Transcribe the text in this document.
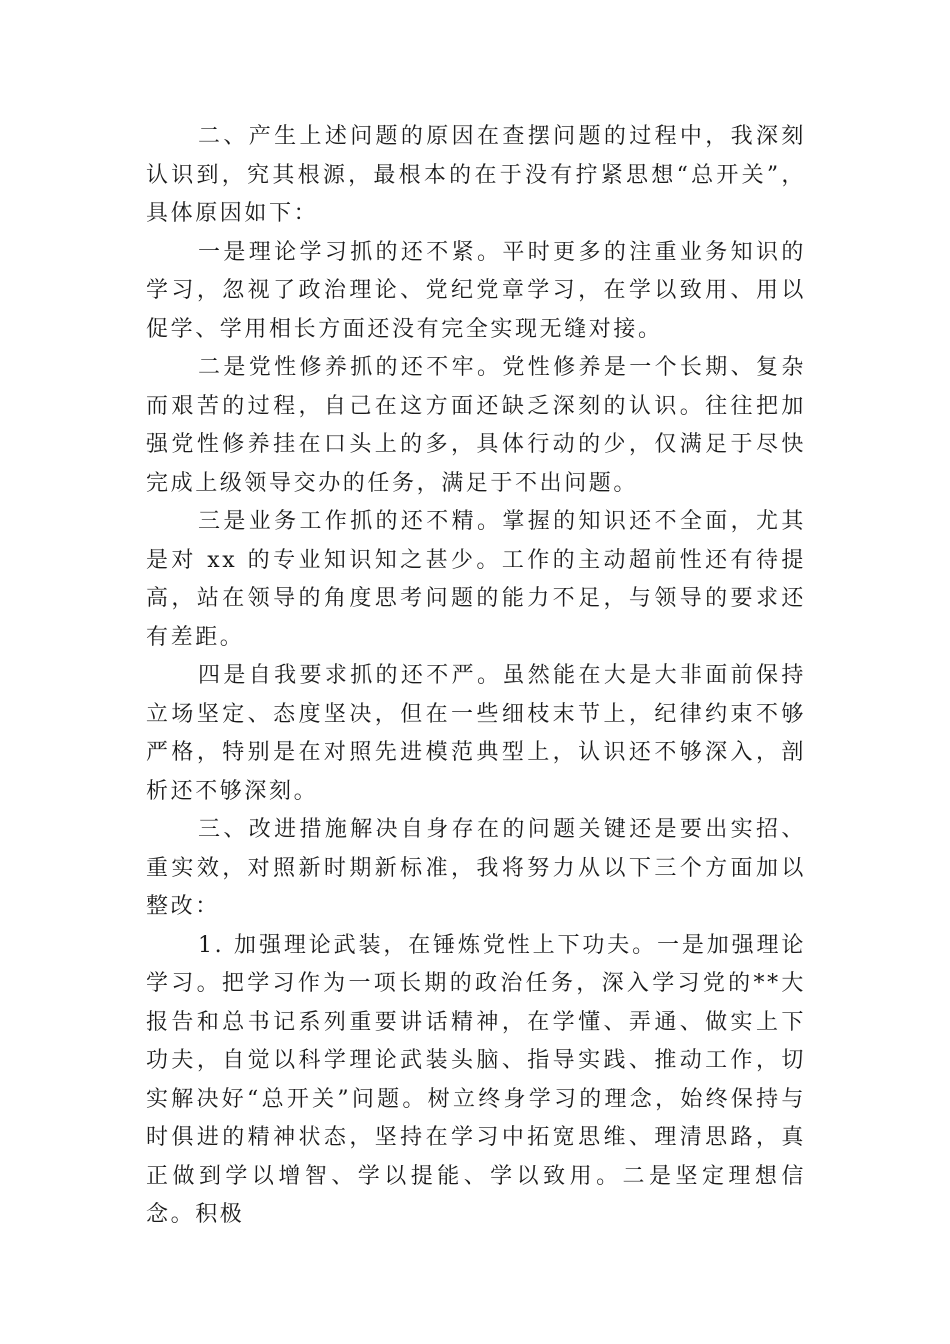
二、产生上述问题的原因在查摆问题的过程中，我深刻认识到，究其根源，最根本的在于没有拧紧思想“总开关”，具体原因如下：

一是理论学习抓的还不紧。平时更多的注重业务知识的学习，忽视了政治理论、党纪党章学习，在学以致用、用以促学、学用相长方面还没有完全实现无缝对接。

二是党性修养抓的还不牢。党性修养是一个长期、复杂而艰苦的过程，自己在这方面还缺乏深刻的认识。往往把加强党性修养挂在口头上的多，具体行动的少，仅满足于尽快完成上级领导交办的任务，满足于不出问题。

三是业务工作抓的还不精。掌握的知识还不全面，尤其是对 xx 的专业知识知之甚少。工作的主动超前性还有待提高，站在领导的角度思考问题的能力不足，与领导的要求还有差距。

四是自我要求抓的还不严。虽然能在大是大非面前保持立场坚定、态度坚决，但在一些细枝末节上，纪律约束不够严格，特别是在对照先进模范典型上，认识还不够深入，剖析还不够深刻。

三、改进措施解决自身存在的问题关键还是要出实招、重实效，对照新时期新标准，我将努力从以下三个方面加以整改：

1. 加强理论武装，在锤炼党性上下功夫。一是加强理论学习。把学习作为一项长期的政治任务，深入学习党的**大报告和总书记系列重要讲话精神，在学懂、弄通、做实上下功夫，自觉以科学理论武装头脑、指导实践、推动工作，切实解决好“总开关”问题。树立终身学习的理念，始终保持与时俱进的精神状态，坚持在学习中拓宽思维、理清思路，真正做到学以增智、学以提能、学以致用。二是坚定理想信念。积极
